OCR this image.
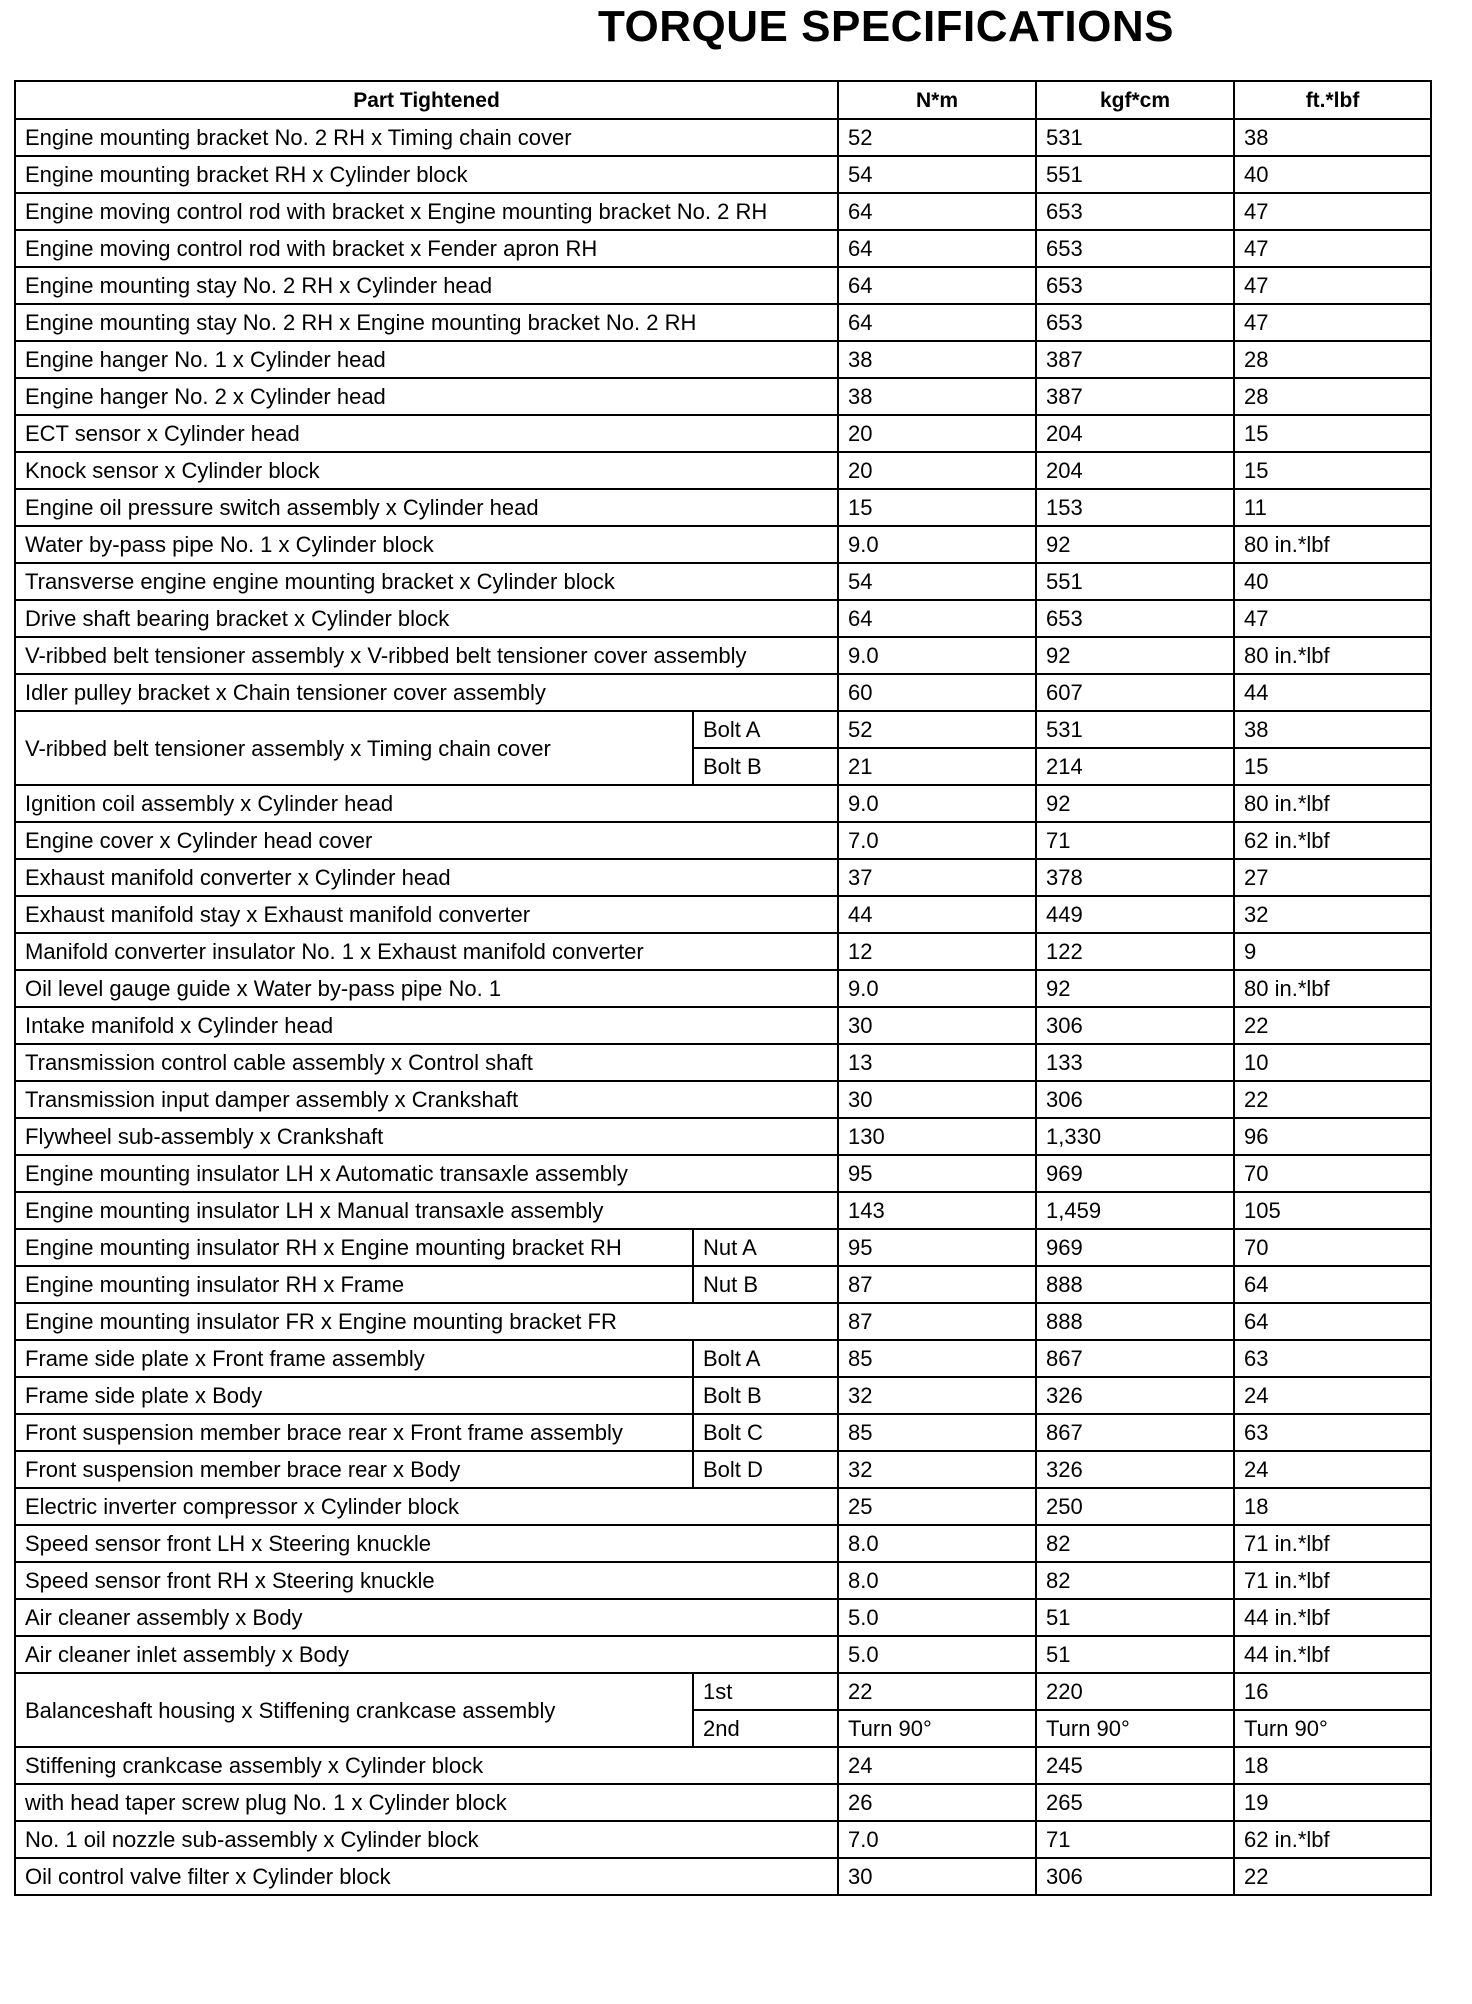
TORQUE SPECIFICATIONS
Part Tightened		N*m	kgf*cm	ft.*lbf
Engine mounting bracket No. 2 RH x Timing chain cover		52	531	38
Engine mounting bracket RH x Cylinder block		54	551	40
Engine moving control rod with bracket x Engine mounting bracket No. 2 RH		64	653	47
Engine moving control rod with bracket x Fender apron RH		64	653	47
Engine mounting stay No. 2 RH x Cylinder head		64	653	47
Engine mounting stay No. 2 RH x Engine mounting bracket No. 2 RH		64	653	47
Engine hanger No. 1 x Cylinder head		38	387	28
Engine hanger No. 2 x Cylinder head		38	387	28
ECT sensor x Cylinder head		20	204	15
Knock sensor x Cylinder block		20	204	15
Engine oil pressure switch assembly x Cylinder head		15	153	11
Water by-pass pipe No. 1 x Cylinder block		9.0	92	80 in.*lbf
Transverse engine engine mounting bracket x Cylinder block		54	551	40
Drive shaft bearing bracket x Cylinder block		64	653	47
V-ribbed belt tensioner assembly x V-ribbed belt tensioner cover assembly		9.0	92	80 in.*lbf
Idler pulley bracket x Chain tensioner cover assembly		60	607	44
V-ribbed belt tensioner assembly x Timing chain cover	Bolt A	52	531	38
	Bolt B	21	214	15
Ignition coil assembly x Cylinder head		9.0	92	80 in.*lbf
Engine cover x Cylinder head cover		7.0	71	62 in.*lbf
Exhaust manifold converter x Cylinder head		37	378	27
Exhaust manifold stay x Exhaust manifold converter		44	449	32
Manifold converter insulator No. 1 x Exhaust manifold converter		12	122	9
Oil level gauge guide x Water by-pass pipe No. 1		9.0	92	80 in.*lbf
Intake manifold x Cylinder head		30	306	22
Transmission control cable assembly x Control shaft		13	133	10
Transmission input damper assembly x Crankshaft		30	306	22
Flywheel sub-assembly x Crankshaft		130	1,330	96
Engine mounting insulator LH x Automatic transaxle assembly		95	969	70
Engine mounting insulator LH x Manual transaxle assembly		143	1,459	105
Engine mounting insulator RH x Engine mounting bracket RH	Nut A	95	969	70
Engine mounting insulator RH x Frame	Nut B	87	888	64
Engine mounting insulator FR x Engine mounting bracket FR		87	888	64
Frame side plate x Front frame assembly	Bolt A	85	867	63
Frame side plate x Body	Bolt B	32	326	24
Front suspension member brace rear x Front frame assembly	Bolt C	85	867	63
Front suspension member brace rear x Body	Bolt D	32	326	24
Electric inverter compressor x Cylinder block		25	250	18
Speed sensor front LH x Steering knuckle		8.0	82	71 in.*lbf
Speed sensor front RH x Steering knuckle		8.0	82	71 in.*lbf
Air cleaner assembly x Body		5.0	51	44 in.*lbf
Air cleaner inlet assembly x Body		5.0	51	44 in.*lbf
Balanceshaft housing x Stiffening crankcase assembly	1st	22	220	16
	2nd	Turn 90°	Turn 90°	Turn 90°
Stiffening crankcase assembly x Cylinder block		24	245	18
with head taper screw plug No. 1 x Cylinder block		26	265	19
No. 1 oil nozzle sub-assembly x Cylinder block		7.0	71	62 in.*lbf
Oil control valve filter x Cylinder block		30	306	22
